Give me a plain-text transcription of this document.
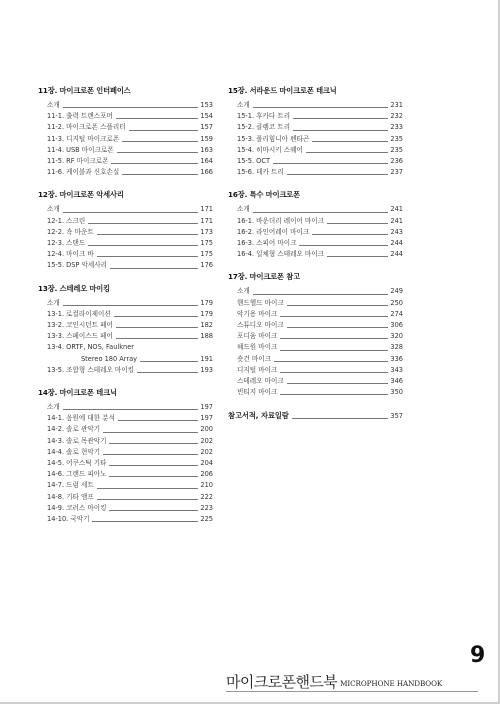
11장. 마이크로폰 인터페이스
소개	153
11-1. 출력 트랜스포머	154
11-2. 마이크로폰 스플리터	157
11-3. 디지털 마이크로폰	159
11-4. USB 마이크로폰	163
11-5. RF 마이크로폰	164
11-6. 케이블과 신호손실	166
12장. 마이크로폰 악세사리
소개	171
12-1. 스크린	171
12-2. 쇽 마운트	173
12-3. 스탠드	175
12-4. 마이크 바	175
15-5. DSP 악세사리	176
13장. 스테레오 마이킹
소개	179
13-1. 로컬라이제이션	179
13-2. 코인시던트 페어	182
13-3. 스페이스드 페어	188
13-4. ORTF, NOS, Faulkner
Stereo 180 Array	191
13-5. 조합형 스테레오 마이킹	193
14장. 마이크로폰 테크닉
소개	197
14-1. 음원에 대한 분석	197
14-2. 솔로 관악기	200
14-3. 솔로 목관악기	202
14-4. 솔로 현악기	202
14-5. 어쿠스틱 기타	204
14-6. 그랜드 피아노	206
14-7. 드럼 세트	210
14-8. 기타 앰프	222
14-9. 코러스 마이킹	223
14-10. 국악기	225
15장. 서라운드 마이크로폰 테크닉
소개	231
15-1. 후카다 트리	232
15-2. 클렘코 트리	233
15-3. 폴리힘니아 펜타곤	235
15-4. 히마시키 스퀘어	235
15-5. OCT	236
15-6. 데카 트리	237
16장. 특수 마이크로폰
소개	241
16-1. 바운더리 레이어 마이크	241
16-2. 라인어레이 마이크	243
16-3. 스피어 마이크	244
16-4. 일체형 스테레오 마이크	244
17장. 마이크로폰 참고
소개	249
핸드헬드 마이크	250
악기용 마이크	274
스튜디오 마이크	306
포디움 마이크	320
헤드원 마이크	328
숏건 마이크	336
디지털 마이크	343
스테레오 마이크	346
빈티지 마이크	350
참고서적, 자료일람	357
9
마이크로폰핸드북 MICROPHONE HANDBOOK
